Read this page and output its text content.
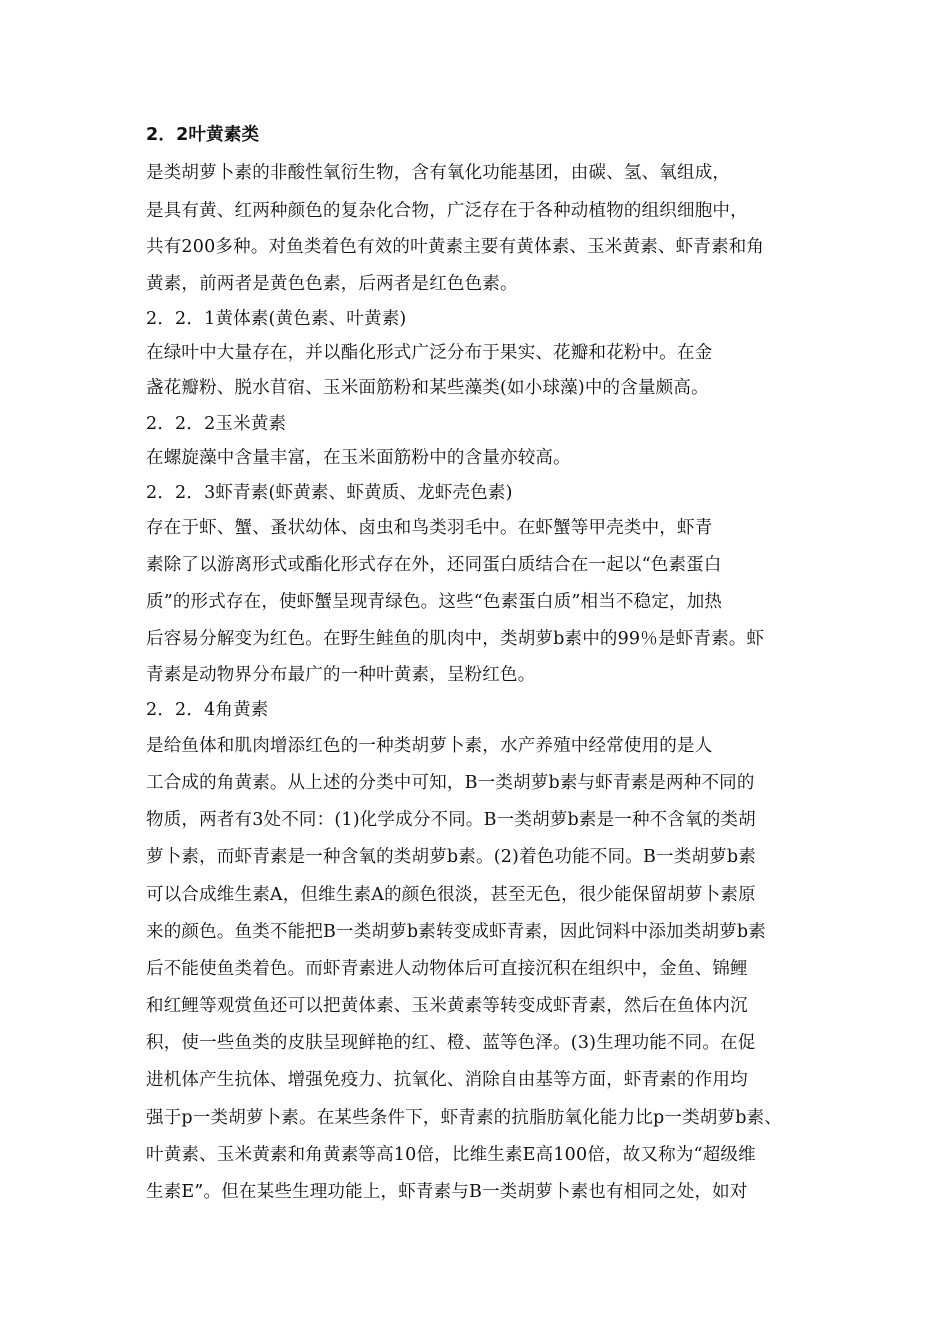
2．2叶黄素类
是类胡萝卜素的非酸性氧衍生物，含有氧化功能基团，由碳、氢、氧组成，
是具有黄、红两种颜色的复杂化合物，广泛存在于各种动植物的组织细胞中，
共有200多种。对鱼类着色有效的叶黄素主要有黄体素、玉米黄素、虾青素和角
黄素，前两者是黄色色素，后两者是红色色素。
2．2．1黄体素(黄色素、叶黄素)
在绿叶中大量存在，并以酯化形式广泛分布于果实、花瓣和花粉中。在金
盏花瓣粉、脱水苜宿、玉米面筋粉和某些藻类(如小球藻)中的含量颇高。
2．2．2玉米黄素
在螺旋藻中含量丰富，在玉米面筋粉中的含量亦较高。
2．2．3虾青素(虾黄素、虾黄质、龙虾壳色素)
存在于虾、蟹、蚤状幼体、卤虫和鸟类羽毛中。在虾蟹等甲壳类中，虾青
素除了以游离形式或酯化形式存在外，还同蛋白质结合在一起以“色素蛋白
质”的形式存在，使虾蟹呈现青绿色。这些“色素蛋白质”相当不稳定，加热
后容易分解变为红色。在野生鲑鱼的肌肉中，类胡萝b素中的99％是虾青素。虾
青素是动物界分布最广的一种叶黄素，呈粉红色。
2．2．4角黄素
是给鱼体和肌肉增添红色的一种类胡萝卜素，水产养殖中经常使用的是人
工合成的角黄素。从上述的分类中可知，B一类胡萝b素与虾青素是两种不同的
物质，两者有3处不同：(1)化学成分不同。B一类胡萝b素是一种不含氧的类胡
萝卜素，而虾青素是一种含氧的类胡萝b素。(2)着色功能不同。B一类胡萝b素
可以合成维生素A，但维生素A的颜色很淡，甚至无色，很少能保留胡萝卜素原
来的颜色。鱼类不能把B一类胡萝b素转变成虾青素，因此饲料中添加类胡萝b素
后不能使鱼类着色。而虾青素进人动物体后可直接沉积在组织中，金鱼、锦鲤
和红鲤等观赏鱼还可以把黄体素、玉米黄素等转变成虾青素，然后在鱼体内沉
积，使一些鱼类的皮肤呈现鲜艳的红、橙、蓝等色泽。(3)生理功能不同。在促
进机体产生抗体、增强免疫力、抗氧化、消除自由基等方面，虾青素的作用均
强于p一类胡萝卜素。在某些条件下，虾青素的抗脂肪氧化能力比p一类胡萝b素、
叶黄素、玉米黄素和角黄素等高10倍，比维生素E高100倍，故又称为“超级维
生素E”。但在某些生理功能上，虾青素与B一类胡萝卜素也有相同之处，如对
